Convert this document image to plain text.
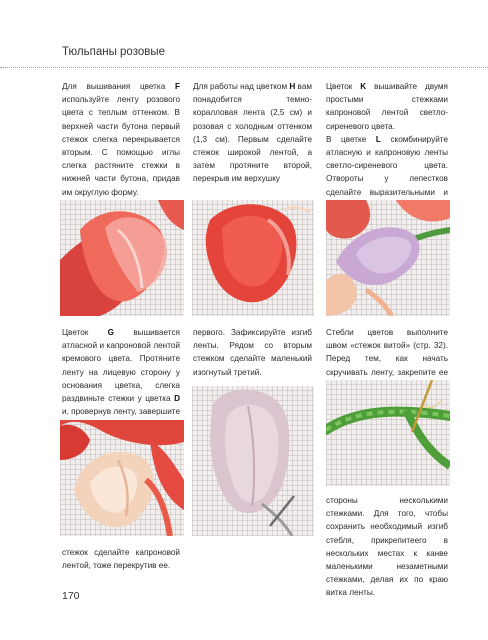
Тюльпаны розовые
Для вышивания цветка F используйте ленту розового цвета с теплым оттенком. В верхней части бутона первый стежок слегка перекрывается вторым. С помощью иглы слегка растяните стежки в нижней части бутона, придав им округлую форму.
Для работы над цветком H вам понадобится темно-коралловая лента (2,5 см) и розовая с холодным оттенком (1,3 см). Первым сделайте стежок широкой лентой, а затем протяните второй, перекрыв им верхушку
Цветок K вышивайте двумя простыми стежками капроновой лентой светло-сиреневого цвета.
В цветке L скомбинируйте атласную и капроновую ленты светло-сиреневого цвета. Отвороты у лепестков сделайте выразительными и
Цветок G вышивается атласной и капроновой лентой кремового цвета. Протяните ленту на лицевую сторону у основания цветка, слегка раздвиньте стежки у цветка D и, провернув ленту, завершите
первого. Зафиксируйте изгиб ленты. Рядом со вторым стежком сделайте маленький изогнутый третий.
Стебли цветов выполните швом «стежок витой» (стр. 32). Перед тем, как начать скручивать ленту, закрепите ее
стороны несколькими стежками. Для того, чтобы сохранить необходимый изгиб стебля, прикрепитеего в нескольких местах к канве маленькими незаметными стежками, делая их по краю витка ленты.
стежок сделайте капроновой лентой, тоже перекрутив ее.
170
